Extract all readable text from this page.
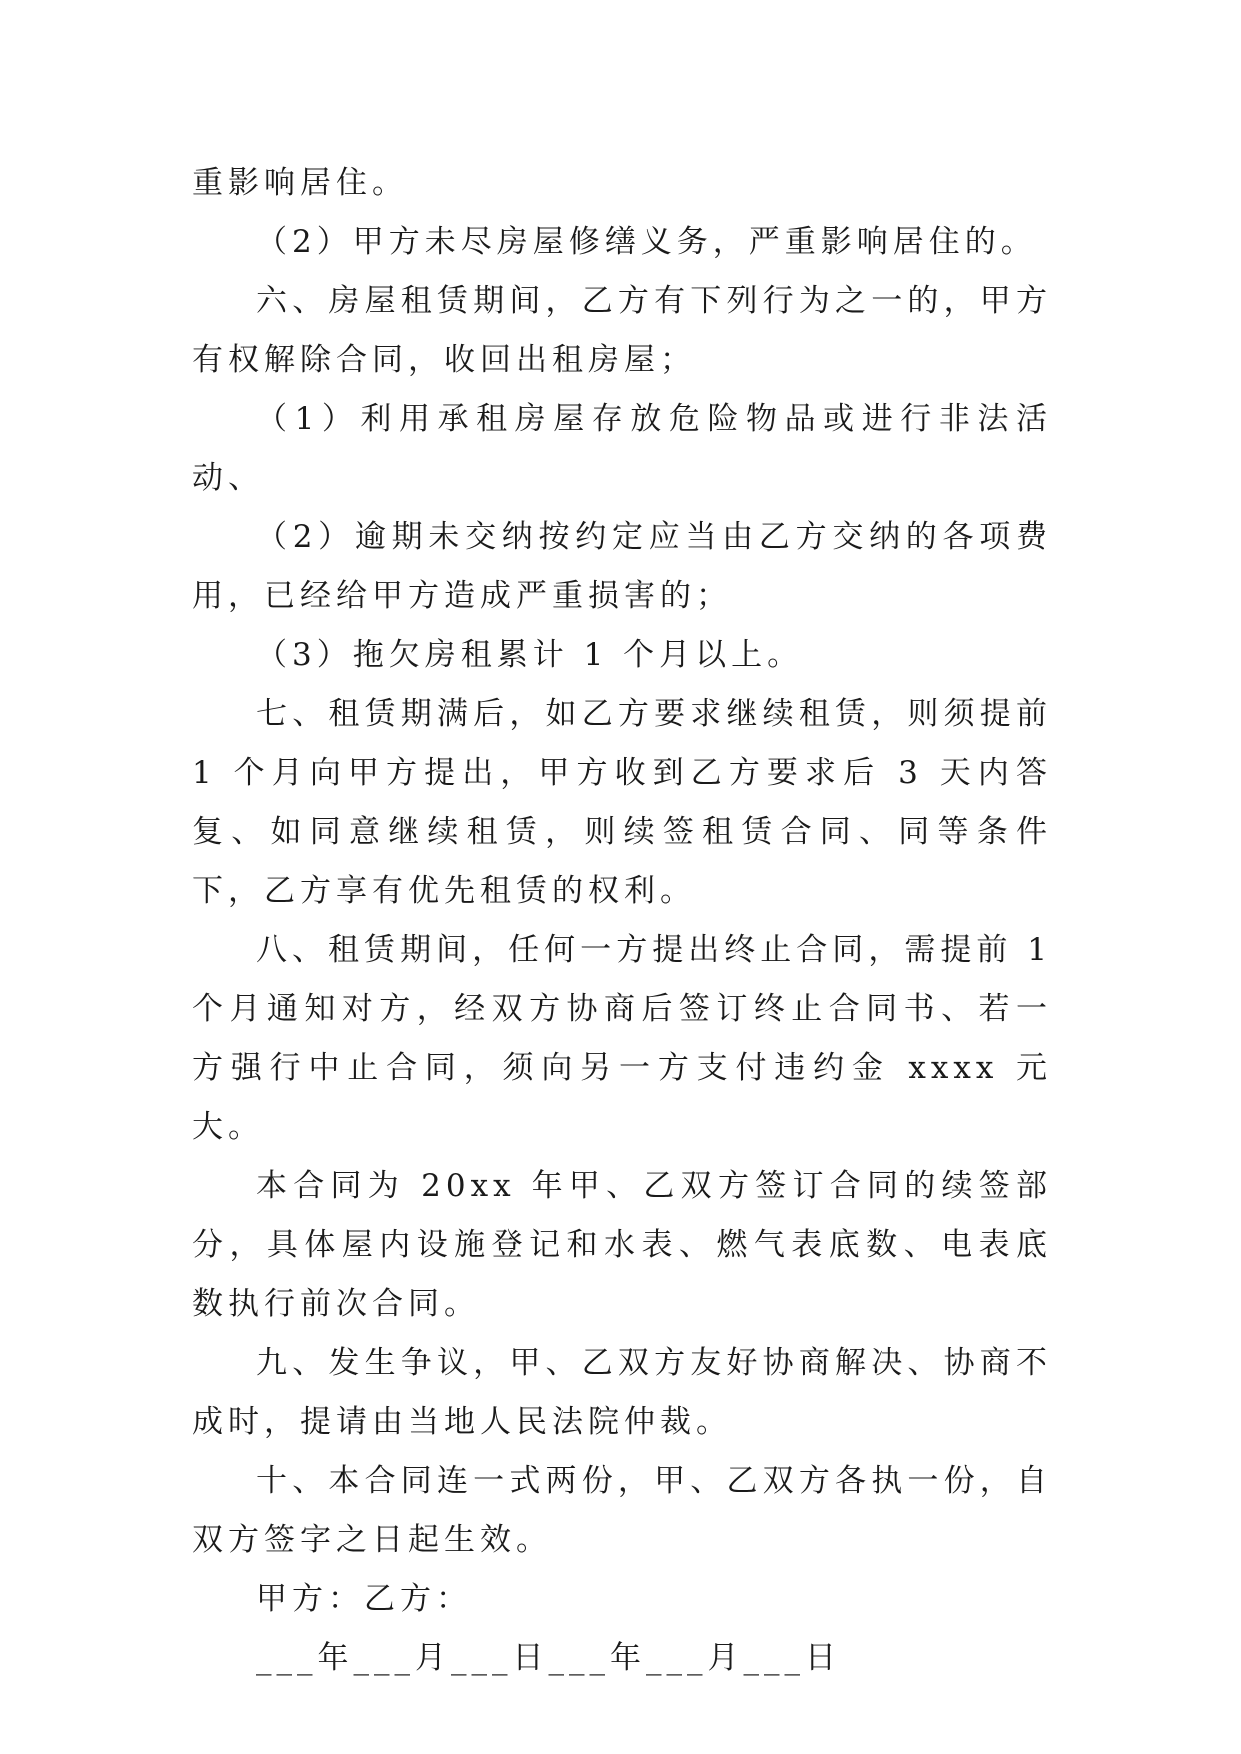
重影响居住。

（2）甲方未尽房屋修缮义务，严重影响居住的。

六、房屋租赁期间，乙方有下列行为之一的，甲方有权解除合同，收回出租房屋；

（1）利用承租房屋存放危险物品或进行非法活动、

（2）逾期未交纳按约定应当由乙方交纳的各项费用，已经给甲方造成严重损害的；

（3）拖欠房租累计 1 个月以上。

七、租赁期满后，如乙方要求继续租赁，则须提前 1 个月向甲方提出，甲方收到乙方要求后 3 天内答复、如同意继续租赁，则续签租赁合同、同等条件下，乙方享有优先租赁的权利。

八、租赁期间，任何一方提出终止合同，需提前 1 个月通知对方，经双方协商后签订终止合同书、若一方强行中止合同，须向另一方支付违约金 xxxx 元大。

本合同为 20xx 年甲、乙双方签订合同的续签部分，具体屋内设施登记和水表、燃气表底数、电表底数执行前次合同。

九、发生争议，甲、乙双方友好协商解决、协商不成时，提请由当地人民法院仲裁。

十、本合同连一式两份，甲、乙双方各执一份，自双方签字之日起生效。

甲方：乙方：

___年___月___日___年___月___日
